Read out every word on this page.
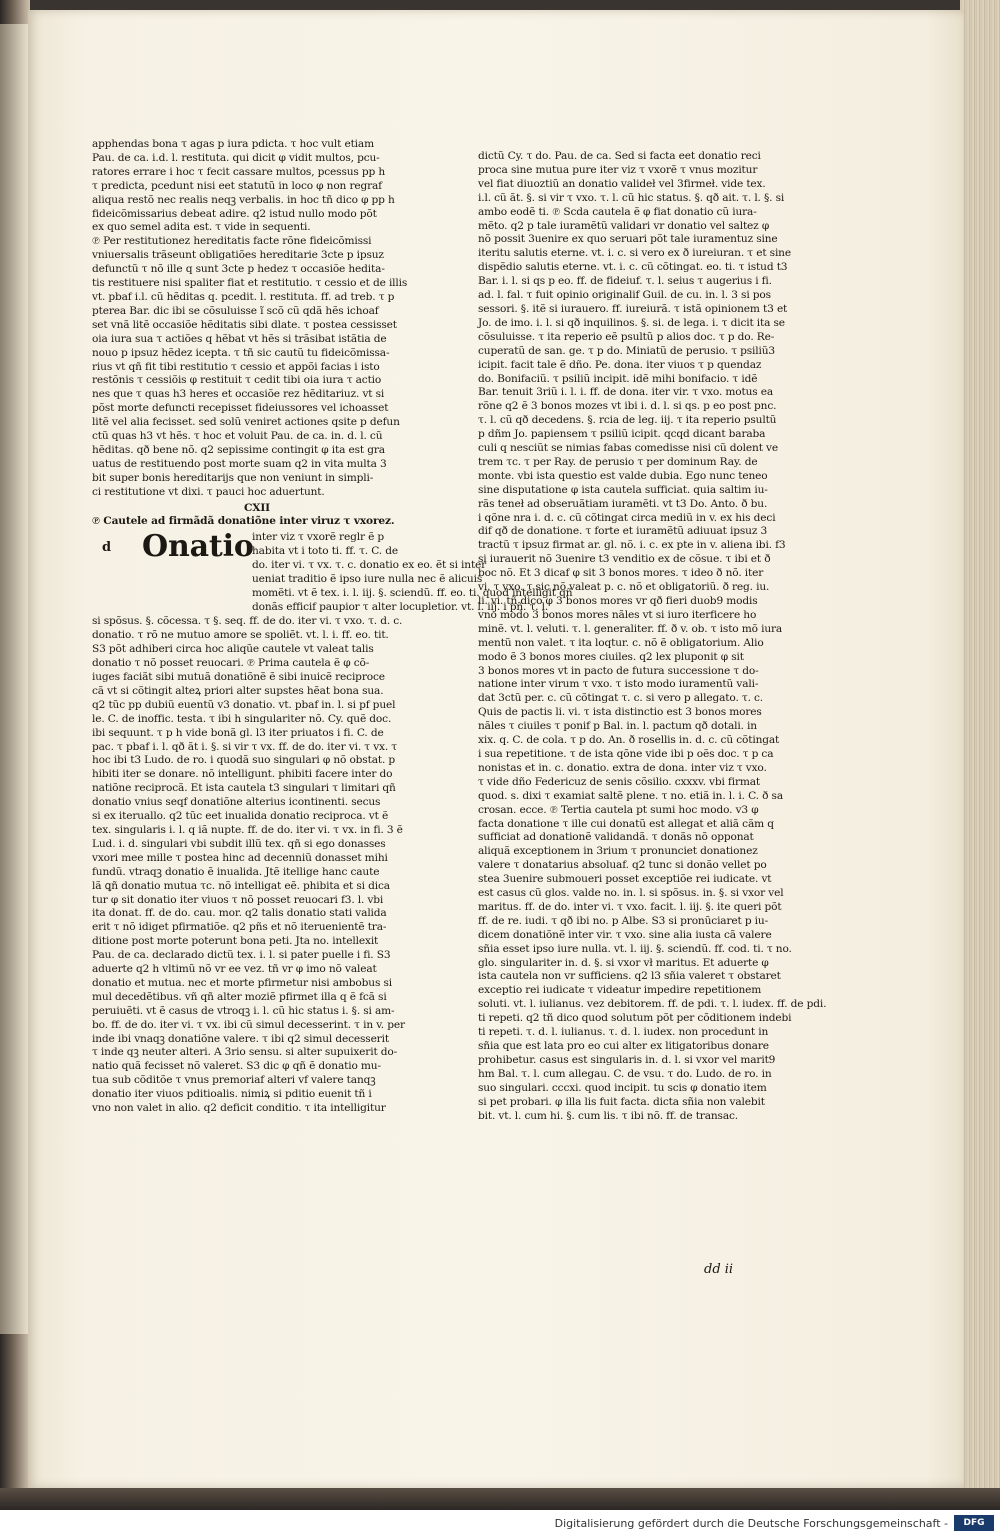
apphendas bona τ agas p iura pdicta. τ hoc vult etiam

Pau. de ca. i.d. l. restituta. qui dicit φ vidit multos, pcu-

ratores errare i hoc τ fecit cassare multos, pcessus pp h

τ predicta, pcedunt nisi eet statutũ in loco φ non regraf

aliqua restõ nec realis neqꝫ verbalis. in hoc tñ dico φ pp h

fideicõmissarius debeat adire. q2 istud nullo modo põt

ex quo semel adita est. τ vide in sequenti.

℗ Per restitutionez hereditatis facte rõne fideicõmissi

vniuersalis trãseunt obligatiões hereditarie 3cte p ipsuz

defunctũ τ nõ ille q sunt 3cte p hedez τ occasiõe hedita-

tis restituere nisi spaliter fiat et restitutio. τ cessio et de illis

vt. pbaf i.l. cũ hẽditas q. pcedit. l. restituta. ff. ad treb. τ p

pterea Bar. dic ibi se cõsuluisse ĩ scõ cũ qdã hẽs ichoaf

set vnã litẽ occasiõe hẽditatis sibi dlate. τ postea cessisset

oia iura sua τ actiões q hẽbat vt hẽs si trãsibat istãtia de

nouo p ipsuz hẽdez icepta. τ tñ sic cautũ tu fideicõmissa-

rius vt qñ fit tibi restitutio τ cessio et appõi facias i isto

restõnis τ cessiõis φ restituit τ cedit tibi oia iura τ actio

nes que τ quas h3 heres et occasiõe rez hẽditariuz. vt si

põst morte defuncti recepisset fideiussores vel ichoasset

litẽ vel alia fecisset. sed solũ veniret actiones qsite p defun

ctũ quas h3 vt hẽs. τ hoc et voluit Pau. de ca. in. d. l. cũ

hẽditas. qð bene nõ. q2 sepissime contingit φ ita est gra

uatus de restituendo post morte suam q2 in vita multa 3

bit super bonis hereditarijs que non veniunt in simpli-

ci restitutione vt dixi. τ pauci hoc aduertunt.

CXII

℗ Cautele ad firmãdã donatiõne inter viruz τ vxorez.

d Onatio

inter viz τ vxorẽ reglr ẽ p

habita vt i toto ti. ff. τ. C. de

do. iter vi. τ vx. τ. c. donatio ex eo. ẽt si inter

ueniat traditio ẽ ipso iure nulla nec ẽ alicuis

momẽti. vt ẽ tex. i. l. iij. §. sciendũ. ff. eo. ti. quod intelligit qñ

donãs efficif paupior τ alter locupletior. vt. l. iij. i pñ. τ. l.

si spõsus. §. cõcessa. τ §. seq. ff. de do. iter vi. τ vxo. τ. d. c.

donatio. τ rõ ne mutuo amore se spoliẽt. vt. l. i. ff. eo. tit.

S3 põt adhiberi circa hoc aliqũe cautele vt valeat talis

donatio τ nõ posset reuocari. ℗ Prima cautela ẽ φ cõ-

iuges faciãt sibi mutuã donatiõnẽ ẽ sibi inuicẽ reciproce

cã vt si cõtingit alteꝝ priori alter supstes hẽat bona sua.

q2 tũc pp dubiũ euentũ v3 donatio. vt. pbaf in. l. si pf puel

le. C. de inoffic. testa. τ ibi h singulariter nõ. Cy. quẽ doc.

ibi sequunt. τ p h vide bonã gl. l3 iter priuatos i fi. C. de

pac. τ pbaf i. l. qð ãt i. §. si vir τ vx. ff. de do. iter vi. τ vx. τ

hoc ibi t3 Ludo. de ro. i quodã suo singulari φ nõ obstat. p

hibiti iter se donare. nõ intelligunt. phibiti facere inter do

natiõne reciprocã. Et ista cautela t3 singulari τ limitari qñ

donatio vnius seqf donatiõne alterius icontinenti. secus

si ex iteruallo. q2 tũc eet inualida donatio reciproca. vt ẽ

tex. singularis i. l. q iã nupte. ff. de do. iter vi. τ vx. in fi. 3 ẽ

Lud. i. d. singulari vbi subdit illũ tex. qñ si ego donasses

vxori mee mille τ postea hinc ad decenniũ donasset mihi

fundũ. vtraqꝫ donatio ẽ inualida. Jtẽ itellige hanc caute

lã ꝗñ donatio mutua τc. nõ intelligat eẽ. phibita et si dica

tur φ sit donatio iter viuos τ nõ posset reuocari f3. l. vbi

ita donat. ff. de do. cau. mor. q2 talis donatio stati valida

erit τ nõ idiget pfirmatiõe. q2 pñs et nõ iteruenientẽ tra-

ditione post morte poterunt bona peti. Jta no. intellexit

Pau. de ca. declarado dictũ tex. i. l. si pater puelle i fi. S3

aduerte q2 h vltimũ nõ vr ee vez. tñ vr φ imo nõ valeat

donatio et mutua. nec et morte pfirmetur nisi ambobus si

mul decedẽtibus. vñ qñ alter moziẽ pfirmet illa q ẽ fcã si

peruiuẽti. vt ẽ casus de vtroqꝫ i. l. cũ hic status i. §. si am-

bo. ff. de do. iter vi. τ vx. ibi cũ simul decesserint. τ in v. per

inde ibi vnaqꝫ donatiõne valere. τ ibi q2 simul decesserit

τ inde qꝫ neuter alteri. A 3rio sensu. si alter supuixerit do-

natio quã fecisset nõ valeret. S3 dic φ qñ ẽ donatio mu-

tua sub cõditõe τ vnus premoriaf alteri vf valere tanqꝫ

donatio iter viuos pditioalis. nimiꝝ si pditio euenit tñ i

vno non valet in alio. q2 deficit conditio. τ ita intelligitur

dictũ Cy. τ do. Pau. de ca. Sed si facta eet donatio reci

proca sine mutua pure iter viz τ vxorẽ τ vnus mozitur

vel fiat diuoztiũ an donatio valideł vel 3firmeł. vide tex.

i.l. cũ ãt. §. si vir τ vxo. τ. l. cũ hic status. §. qð ait. τ. l. §. si

ambo eodẽ ti. ℗ Scda cautela ẽ φ fiat donatio cũ iura-

mẽto. q2 p tale iuramẽtũ validari vr donatio vel saltez φ

nõ possit 3uenire ex quo seruari põt tale iuramentuz sine

iteritu salutis eterne. vt. i. c. si vero ex ð iureiuran. τ et sine

dispẽdio salutis eterne. vt. i. c. cũ cõtingat. eo. ti. τ istud t3

Bar. i. l. si qs p eo. ff. de fideiuf. τ. l. seius τ augerius i fi.

ad. l. fal. τ fuit opinio originalif Guil. de cu. in. l. 3 si pos

sessori. §. itẽ si iurauero. ff. iureiurã. τ istã opinionem t3 et

Jo. de imo. i. l. si qð inquilinos. §. si. de lega. i. τ dicit ita se

cõsuluisse. τ ita reperio eẽ psultũ p alios doc. τ p do. Re-

cuperatũ de san. ge. τ p do. Miniatũ de perusio. τ psiliũ3

icipit. facit tale ẽ dño. Pe. dona. iter viuos τ p quendaz

do. Bonifaciũ. τ psiliũ incipit. idẽ mihi bonifacio. τ idẽ

Bar. tenuit 3riũ i. l. i. ff. de dona. iter vir. τ vxo. motus ea

rõne q2 ẽ 3 bonos mozes vt ibi i. d. l. si qs. p eo post pnc.

τ. l. cũ qð decedens. §. rcia de leg. iij. τ ita reperio psultũ

p dñm Jo. papiensem τ psiliũ icipit. qcqd dicant baraba

culi q nesciũt se nimias fabas comedisse nisi cũ dolent ve

trem τc. τ per Ray. de perusio τ per dominum Ray. de

monte. vbi ista questio est valde dubia. Ego nunc teneo

sine disputatione φ ista cautela sufficiat. quia saltim iu-

rãs teneł ad obseruãtiam iuramẽti. vt t3 Do. Anto. ð bu.

i qõne nra i. d. c. cũ cõtingat circa mediũ in v. ex his deci

dif qð de donatione. τ forte et iuramẽtũ adiuuat ipsuz 3

tractũ τ ipsuz firmat ar. gl. nõ. i. c. ex pte in v. aliena ibi. f3

si iurauerit nõ 3uenire t3 venditio ex de cõsue. τ ibi et ð

boc nõ. Et 3 dicaf φ sit 3 bonos mores. τ ideo ð nõ. iter

vi. τ vxo. τ sic nõ valeat p. c. nõ et obligatoriũ. ð reg. iu.

li. vi. tñ dico φ 3 bonos mores vr qð fieri duob9 modis

vno modo 3 bonos mores nãles vt si iuro iterficere ho

minẽ. vt. l. veluti. τ. l. generaliter. ff. ð v. ob. τ isto mõ iura

mentũ non valet. τ ita loqtur. c. nõ ẽ obligatorium. Alio

modo ẽ 3 bonos mores ciuiles. q2 lex pluponit φ sit

3 bonos mores vt in pacto de futura successione τ do-

natione inter virum τ vxo. τ isto modo iuramentũ vali-

dat 3ctũ per. c. cũ cõtingat τ. c. si vero p allegato. τ. c.

Quis de pactis li. vi. τ ista distinctio est 3 bonos mores

nãles τ ciuiles τ ponif p Bal. in. l. pactum qð dotali. in

xix. q. C. de cola. τ p do. An. ð rosellis in. d. c. cũ cõtingat

i sua repetitione. τ de ista qõne vide ibi p oẽs doc. τ p ca

nonistas et in. c. donatio. extra de dona. inter viz τ vxo.

τ vide dño Federicuz de senis cõsilio. cxxxv. vbi firmat

quod. s. dixi τ examiat saltẽ plene. τ no. etiã in. l. i. C. ð sa

crosan. ecce. ℗ Tertia cautela pt sumi hoc modo. v3 φ

facta donatione τ ille cui donatũ est allegat et aliã cãm q

sufficiat ad donationẽ validandã. τ donãs nõ opponat

aliquã exceptionem in 3rium τ pronunciet donationez

valere τ donatarius absoluaf. q2 tunc si donão vellet po

stea 3uenire submoueri posset exceptiõe rei iudicate. vt

est casus cũ glos. valde no. in. l. si spõsus. in. §. si vxor vel

maritus. ff. de do. inter vi. τ vxo. facit. l. iij. §. ite queri põt

ff. de re. iudi. τ qð ibi no. p Albe. S3 si pronũciaret p iu-

dicem donatiõnẽ inter vir. τ vxo. sine alia iusta cã valere

sñia esset ipso iure nulla. vt. l. iij. §. sciendũ. ff. cod. ti. τ no.

glo. singulariter in. d. §. si vxor vł maritus. Et aduerte φ

ista cautela non vr sufficiens. q2 l3 sñia valeret τ obstaret

exceptio rei iudicate τ videatur impedire repetitionem

soluti. vt. l. iulianus. vez debitorem. ff. de pdi. τ. l. iudex. ff. de pdi.

ti repeti. q2 tñ dico quod solutum põt per cõditionem indebi

ti repeti. τ. d. l. iulianus. τ. d. l. iudex. non procedunt in

sñia que est lata pro eo cui alter ex litigatoribus donare

prohibetur. casus est singularis in. d. l. si vxor vel marit9

hm Bal. τ. l. cum allegau. C. de vsu. τ do. Ludo. de ro. in

suo singulari. cccxi. quod incipit. tu scis φ donatio item

si pet probari. φ illa lis fuit facta. dicta sñia non valebit

bit. vt. l. cum hi. §. cum lis. τ ibi nõ. ff. de transac.

dd ii
Digitalisierung gefördert durch die Deutsche Forschungsgemeinschaft -	DFG
